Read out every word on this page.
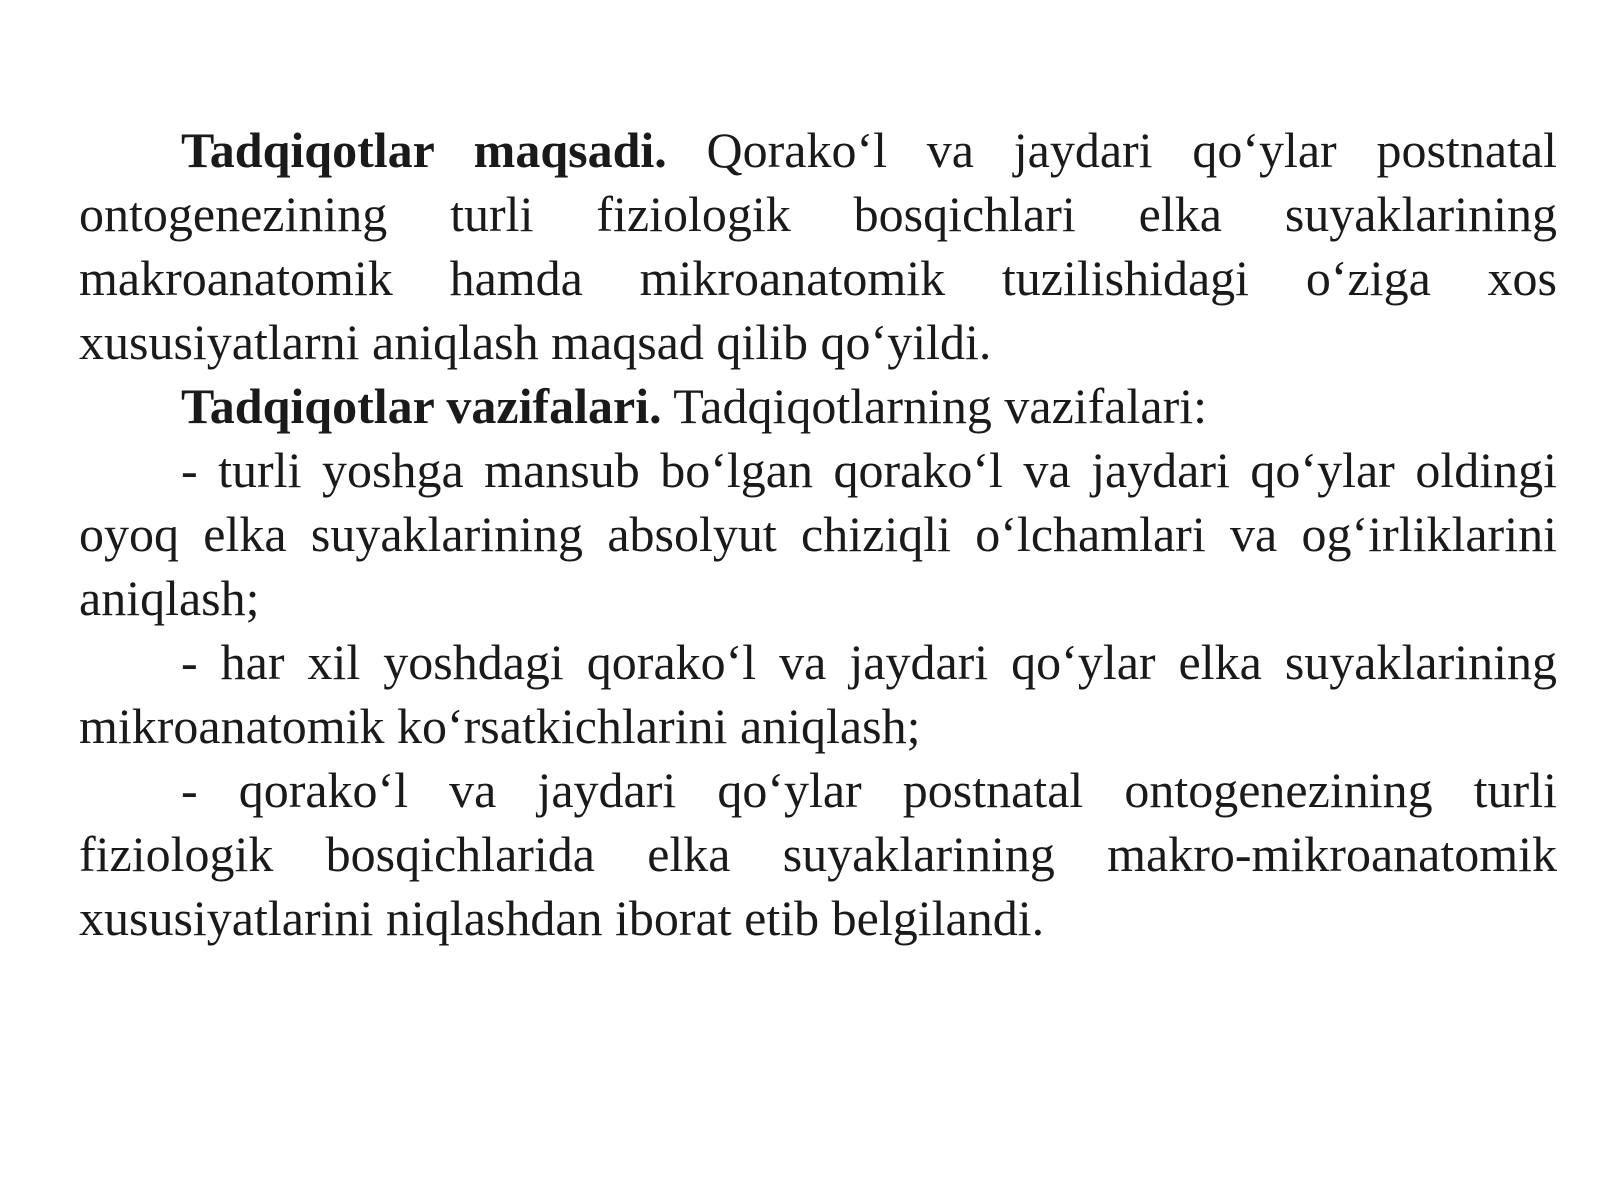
Tadqiqotlar maqsadi. Qorako‘l va jaydari qo‘ylar postnatal ontogenezining turli fiziologik bosqichlari elka suyaklarining makroanatomik hamda mikroanatomik tuzilishidagi o‘ziga xos xususiyatlarni aniqlash maqsad qilib qo‘yildi.

Tadqiqotlar vazifalari. Tadqiqotlarning vazifalari:

- turli yoshga mansub bo‘lgan qorako‘l va jaydari qo‘ylar oldingi oyoq elka suyaklarining absolyut chiziqli o‘lchamlari va og‘irliklarini aniqlash;

- har xil yoshdagi qorako‘l va jaydari qo‘ylar elka suyaklarining mikroanatomik ko‘rsatkichlarini aniqlash;

- qorako‘l va jaydari qo‘ylar postnatal ontogenezining turli fiziologik bosqichlarida elka suyaklarining makro-mikroanatomik xususiyatlarini niqlashdan iborat etib belgilandi.
